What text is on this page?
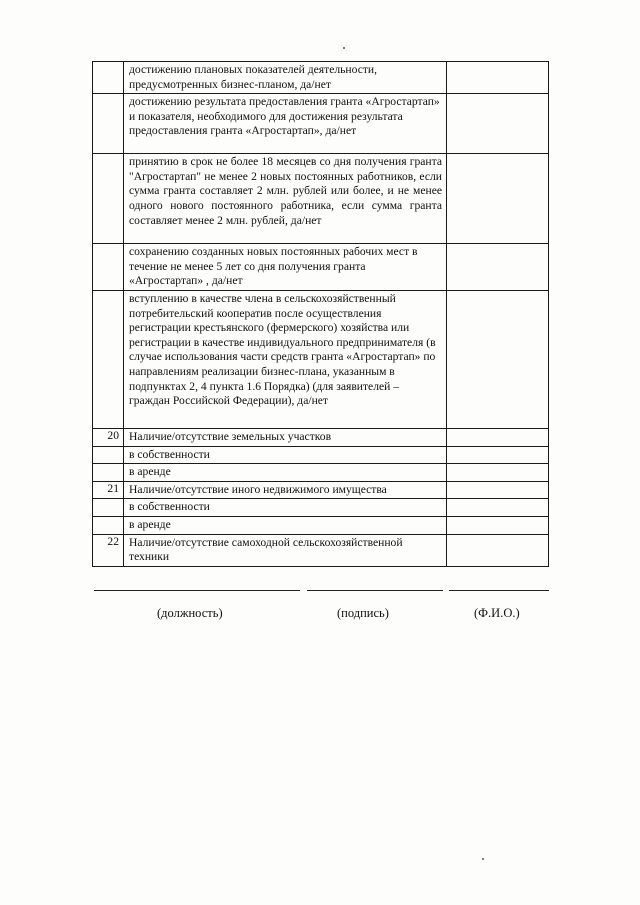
	достижению плановых показателей деятельности, предусмотренных бизнес-планом, да/нет	
	достижению результата предоставления гранта «Агростартап» и показателя, необходимого для достижения результата предоставления гранта «Агростартап», да/нет	
	принятию в срок не более 18 месяцев со дня получения гранта "Агростартап" не менее 2 новых постоянных работников, если сумма гранта составляет 2 млн. рублей или более, и не менее одного нового постоянного работника, если сумма гранта составляет менее 2 млн. рублей, да/нет	
	сохранению созданных новых постоянных рабочих мест в течение не менее 5 лет со дня получения гранта «Агростартап» , да/нет	
	вступлению в качестве члена в сельскохозяйственный потребительский кооператив после осуществления регистрации крестьянского (фермерского) хозяйства или регистрации в качестве индивидуального предпринимателя (в случае использования части средств гранта «Агростартап» по направлениям реализации бизнес-плана, указанным в подпунктах 2, 4 пункта 1.6 Порядка) (для заявителей – граждан Российской Федерации), да/нет	
20	Наличие/отсутствие земельных участков	
	в собственности	
	в аренде	
21	Наличие/отсутствие иного недвижимого имущества	
	в собственности	
	в аренде	
22	Наличие/отсутствие самоходной сельскохозяйственной техники	
(должность)	(подпись)	(Ф.И.О.)
